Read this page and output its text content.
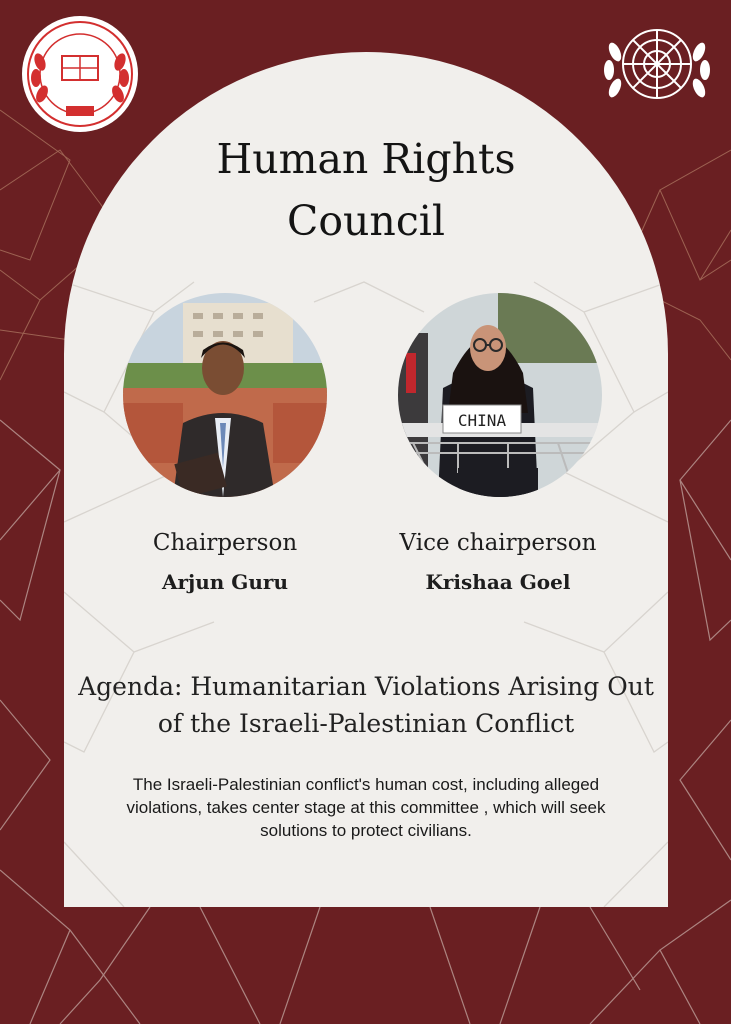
Human Rights
Council
CHINA
Chairperson
Arjun Guru
Vice chairperson
Krishaa Goel
Agenda: Humanitarian Violations Arising Out
of the Israeli-Palestinian Conflict
The Israeli-Palestinian conflict's human cost, including alleged
violations, takes center stage at this committee , which will seek
solutions to protect civilians.
